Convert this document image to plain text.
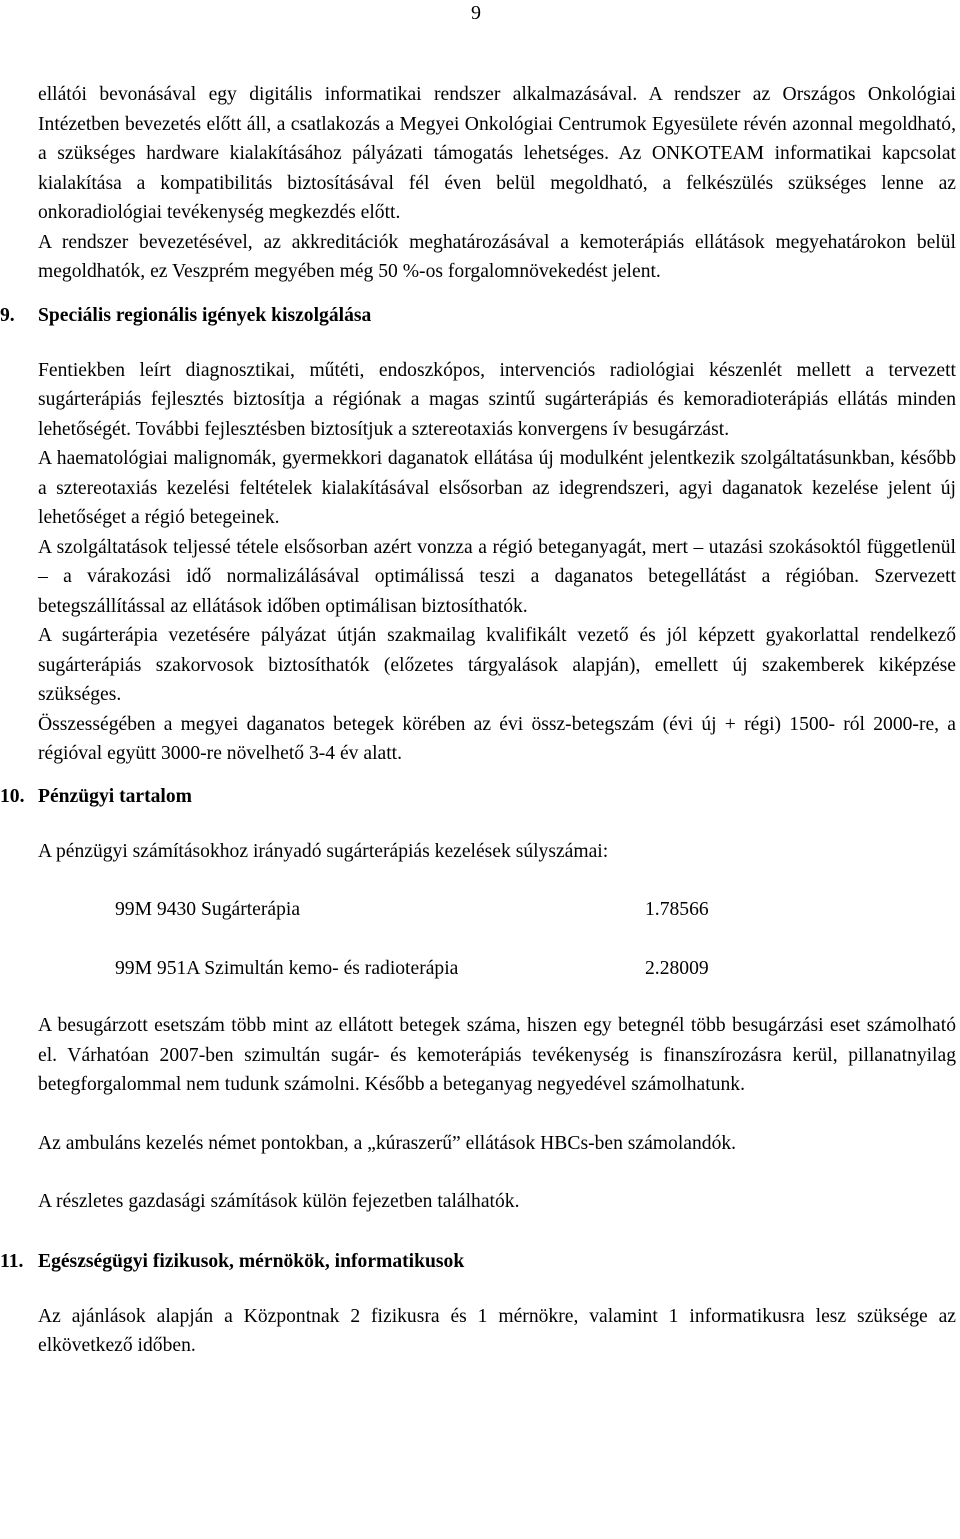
9

ellátói bevonásával egy digitális informatikai rendszer alkalmazásával. A rendszer az Országos Onkológiai Intézetben bevezetés előtt áll, a csatlakozás a Megyei Onkológiai Centrumok Egyesülete révén azonnal megoldható, a szükséges hardware kialakításához pályázati támogatás lehetséges. Az ONKOTEAM informatikai kapcsolat kialakítása a kompatibilitás biztosításával fél éven belül megoldható, a felkészülés szükséges lenne az onkoradiológiai tevékenység megkezdés előtt.

A rendszer bevezetésével, az akkreditációk meghatározásával a kemoterápiás ellátások megyehatárokon belül megoldhatók, ez Veszprém megyében még 50 %-os forgalomnövekedést jelent.

9.	Speciális regionális igények kiszolgálása

Fentiekben leírt diagnosztikai, műtéti, endoszkópos, intervenciós radiológiai készenlét mellett a tervezett sugárterápiás fejlesztés biztosítja a régiónak a magas szintű sugárterápiás és kemoradioterápiás ellátás minden lehetőségét. További fejlesztésben biztosítjuk a sztereotaxiás konvergens ív besugárzást.

A haematológiai malignomák, gyermekkori daganatok ellátása új modulként jelentkezik szolgáltatásunkban, később a sztereotaxiás kezelési feltételek kialakításával elsősorban az idegrendszeri, agyi daganatok kezelése jelent új lehetőséget a régió betegeinek.

A szolgáltatások teljessé tétele elsősorban azért vonzza a régió beteganyagát, mert – utazási szokásoktól függetlenül – a várakozási idő normalizálásával optimálissá teszi a daganatos betegellátást a régióban. Szervezett betegszállítással az ellátások időben optimálisan biztosíthatók.

A sugárterápia vezetésére pályázat útján szakmailag kvalifikált vezető és jól képzett gyakorlattal rendelkező sugárterápiás szakorvosok biztosíthatók (előzetes tárgyalások alapján), emellett új szakemberek kiképzése szükséges.

Összességében a megyei daganatos betegek körében az évi össz-betegszám (évi új + régi) 1500- ról 2000-re, a régióval együtt 3000-re növelhető 3-4 év alatt.

10. Pénzügyi tartalom

A pénzügyi számításokhoz irányadó sugárterápiás kezelések súlyszámai:

99M 9430 Sugárterápia	1.78566
99M 951A Szimultán kemo- és radioterápia	2.28009

A besugárzott esetszám több mint az ellátott betegek száma, hiszen egy betegnél több besugárzási eset számolható el. Várhatóan 2007-ben szimultán sugár- és kemoterápiás tevékenység is finanszírozásra kerül, pillanatnyilag betegforgalommal nem tudunk számolni. Később a beteganyag negyedével számolhatunk.

Az ambuláns kezelés német pontokban, a „kúraszerű” ellátások HBCs-ben számolandók.

A részletes gazdasági számítások külön fejezetben találhatók.

11. Egészségügyi fizikusok, mérnökök, informatikusok

Az ajánlások alapján a Központnak 2 fizikusra és 1 mérnökre, valamint 1 informatikusra lesz szüksége az elkövetkező időben.
